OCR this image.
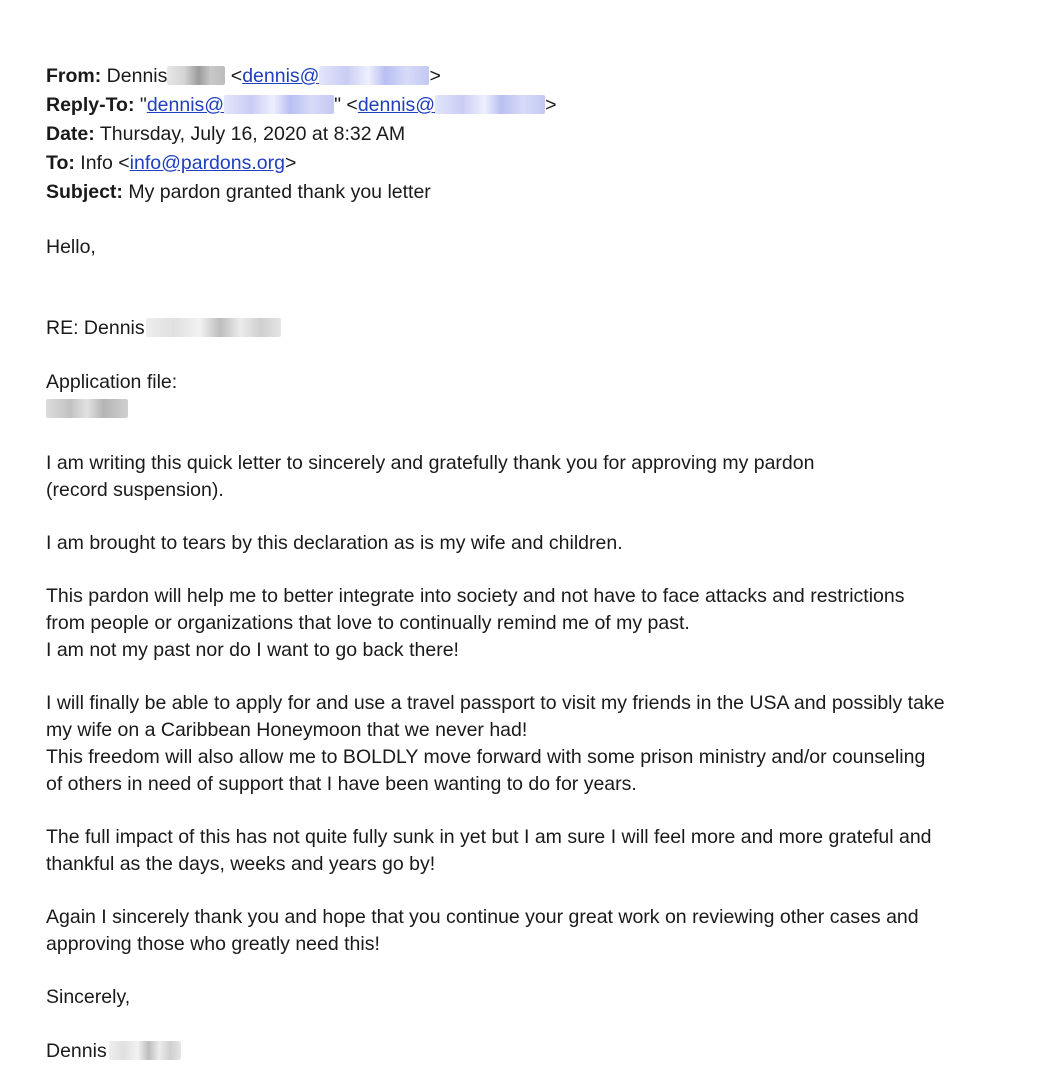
From: Dennis	<dennis@	>
Reply-To: "dennis@	" <dennis@	>
Date: Thursday, July 16, 2020 at 8:32 AM
To: Info <info@pardons.org>
Subject: My pardon granted thank you letter

Hello,

RE: Dennis

Application file:

I am writing this quick letter to sincerely and gratefully thank you for approving my pardon
(record suspension).

I am brought to tears by this declaration as is my wife and children.

This pardon will help me to better integrate into society and not have to face attacks and restrictions
from people or organizations that love to continually remind me of my past.
I am not my past nor do I want to go back there!

I will finally be able to apply for and use a travel passport to visit my friends in the USA and possibly take
my wife on a Caribbean Honeymoon that we never had!
This freedom will also allow me to BOLDLY move forward with some prison ministry and/or counseling
of others in need of support that I have been wanting to do for years.

The full impact of this has not quite fully sunk in yet but I am sure I will feel more and more grateful and
thankful as the days, weeks and years go by!

Again I sincerely thank you and hope that you continue your great work on reviewing other cases and
approving those who greatly need this!

Sincerely,

Dennis
